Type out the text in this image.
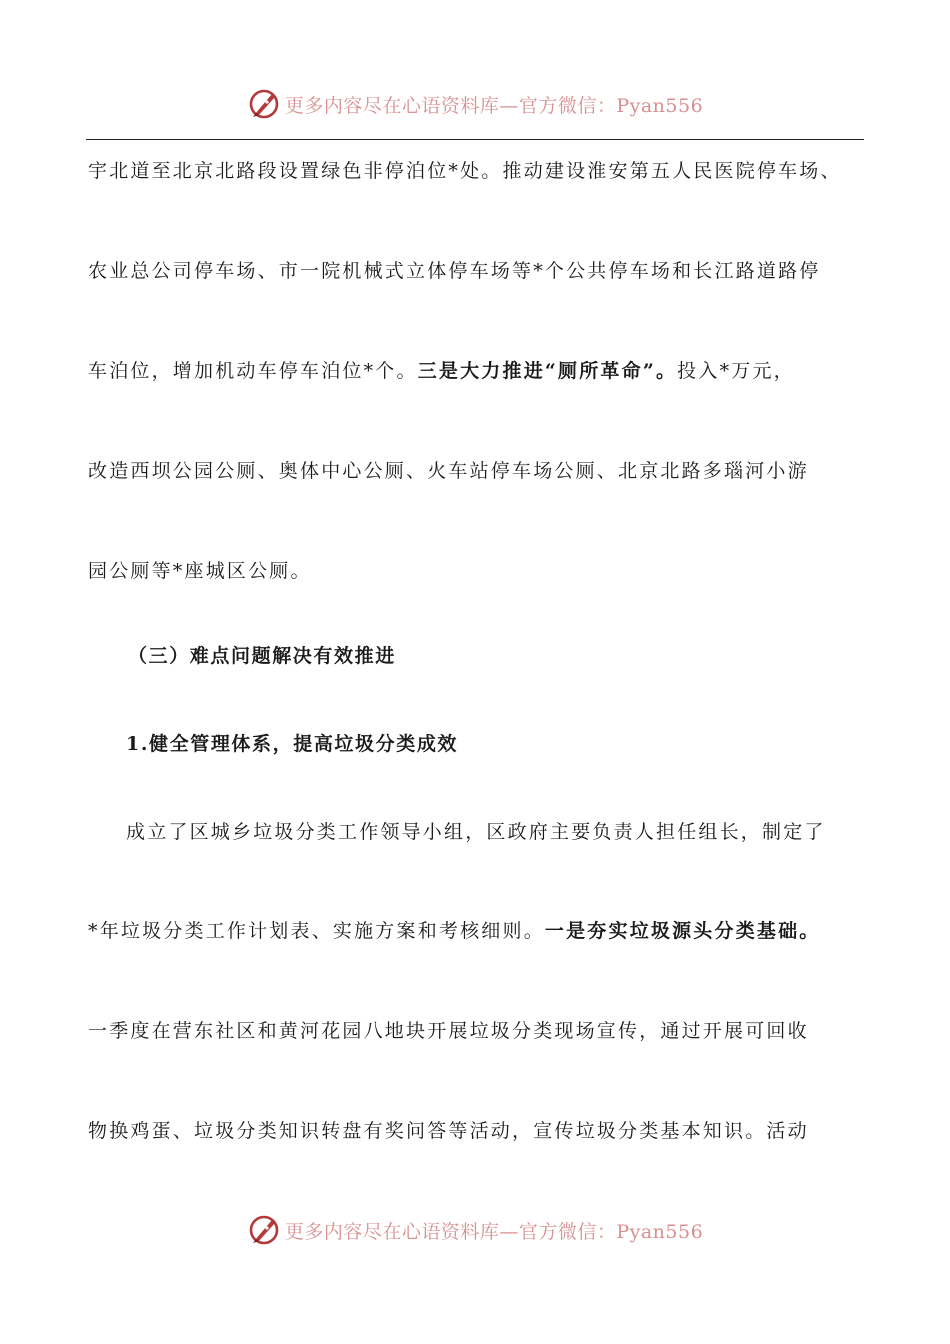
更多内容尽在心语资料库—官方微信：Pyan556
宇北道至北京北路段设置绿色非停泊位*处。推动建设淮安第五人民医院停车场、
农业总公司停车场、市一院机械式立体停车场等*个公共停车场和长江路道路停
车泊位，增加机动车停车泊位*个。三是大力推进“厕所革命”。投入*万元，
改造西坝公园公厕、奥体中心公厕、火车站停车场公厕、北京北路多瑙河小游
园公厕等*座城区公厕。
（三）难点问题解决有效推进
1.健全管理体系，提高垃圾分类成效
成立了区城乡垃圾分类工作领导小组，区政府主要负责人担任组长，制定了
*年垃圾分类工作计划表、实施方案和考核细则。一是夯实垃圾源头分类基础。
一季度在营东社区和黄河花园八地块开展垃圾分类现场宣传，通过开展可回收
物换鸡蛋、垃圾分类知识转盘有奖问答等活动，宣传垃圾分类基本知识。活动
更多内容尽在心语资料库—官方微信：Pyan556
